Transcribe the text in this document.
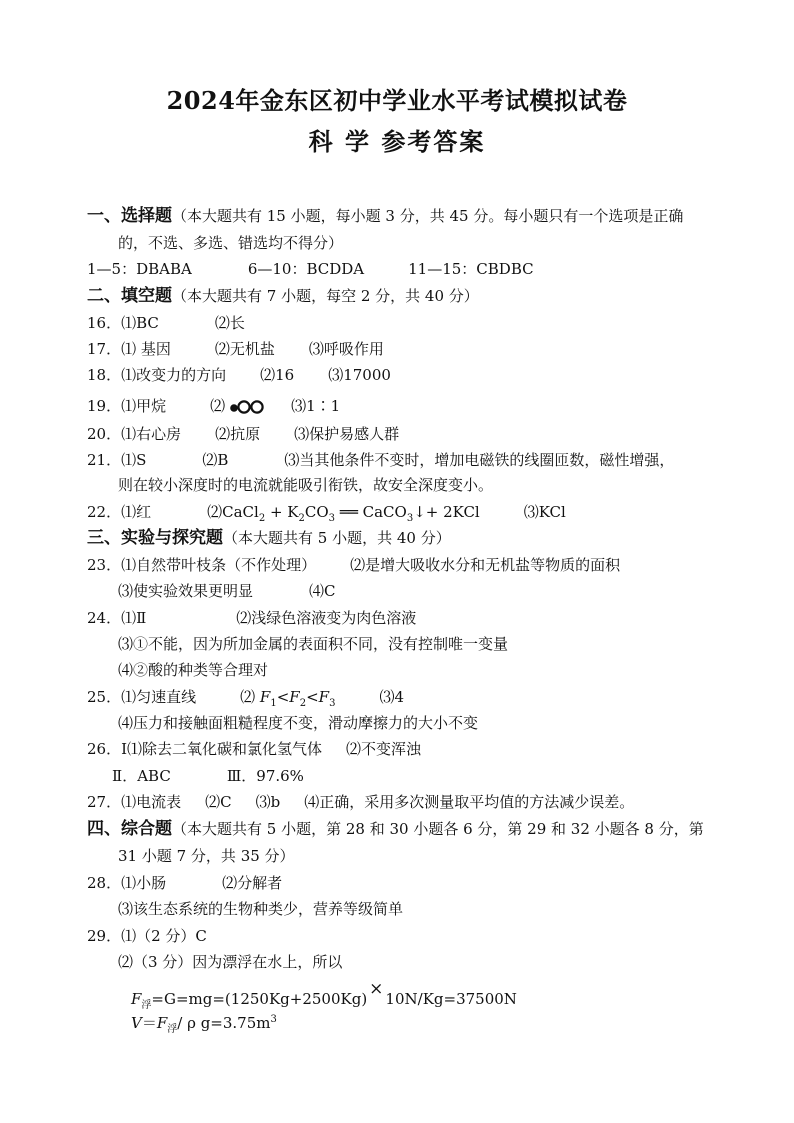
2024年金东区初中学业水平考试模拟试卷
科 学 参考答案
一、选择题（本大题共有 15 小题，每小题 3 分，共 45 分。每小题只有一个选项是正确
的，不选、多选、错选均不得分）
1—5：DBABA	6—10：BCDDA	11—15：CBDBC
二、填空题（本大题共有 7 小题，每空 2 分，共 40 分）
16．⑴BC	⑵长
17．⑴ 基因	⑵无机盐 ⑶呼吸作用
18．⑴改变力的方向 ⑵16 ⑶17000
19．⑴甲烷	⑵	⑶1∶1
20．⑴右心房 ⑵抗原 ⑶保护易感人群
21．⑴S	⑵B	⑶当其他条件不变时，增加电磁铁的线圈匝数，磁性增强，
则在较小深度时的电流就能吸引衔铁，故安全深度变小。
22．⑴红	⑵CaCl$_2$ + $K_2CO_3$ ══ CaCO$_3$↓+ 2KCl	⑶KCl
三、实验与探究题（本大题共有 5 小题，共 40 分）
23．⑴自然带叶枝条（不作处理） ⑵是增大吸收水分和无机盐等物质的面积
⑶使实验效果更明显	⑷C
24．⑴Ⅱ	⑵浅绿色溶液变为肉色溶液
⑶①不能，因为所加金属的表面积不同，没有控制唯一变量
⑷②酸的种类等合理对
25．⑴匀速直线	⑵ $F_1<F_2<F_3$	⑶4
⑷压力和接触面粗糙程度不变，滑动摩擦力的大小不变
26．Ⅰ⑴除去二氧化碳和氯化氢气体 ⑵不变浑浊
Ⅱ．ABC	Ⅲ．97.6%
27．⑴电流表 ⑵C ⑶b ⑷正确，采用多次测量取平均值的方法减少误差。
四、综合题（本大题共有 5 小题，第 28 和 30 小题各 6 分，第 29 和 32 小题各 8 分，第
31 小题 7 分，共 35 分）
28．⑴小肠	⑵分解者
⑶该生态系统的生物种类少，营养等级简单
29．⑴（2 分）C
⑵（3 分）因为漂浮在水上，所以
$F_浮=G=mg=(1250Kg+2500Kg) \times 10N/Kg=37500N$
$V=F_浮/$ ρ $g=3.75m^3$
